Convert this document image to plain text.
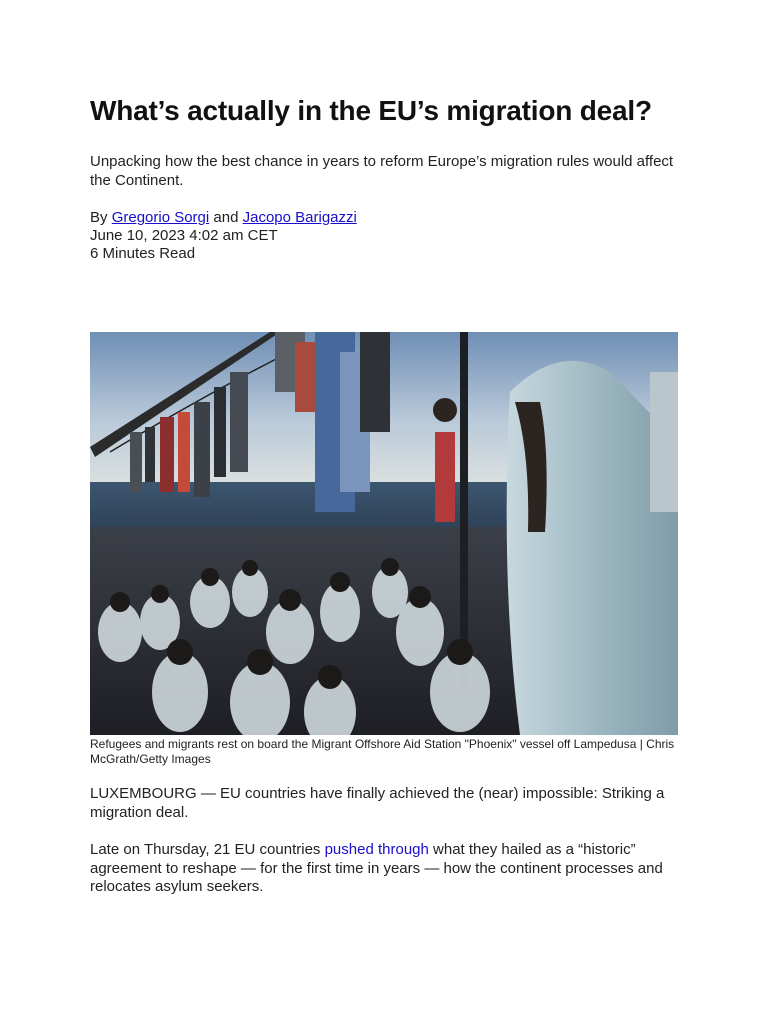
What’s actually in the EU’s migration deal?

Unpacking how the best chance in years to reform Europe’s migration rules would affect the Continent.

By Gregorio Sorgi and Jacopo Barigazzi
June 10, 2023 4:02 am CET
6 Minutes Read
Refugees and migrants rest on board the Migrant Offshore Aid Station "Phoenix" vessel off Lampedusa | Chris McGrath/Getty Images

LUXEMBOURG — EU countries have finally achieved the (near) impossible: Striking a migration deal.

Late on Thursday, 21 EU countries pushed through what they hailed as a “historic” agreement to reshape — for the first time in years — how the continent processes and relocates asylum seekers.
